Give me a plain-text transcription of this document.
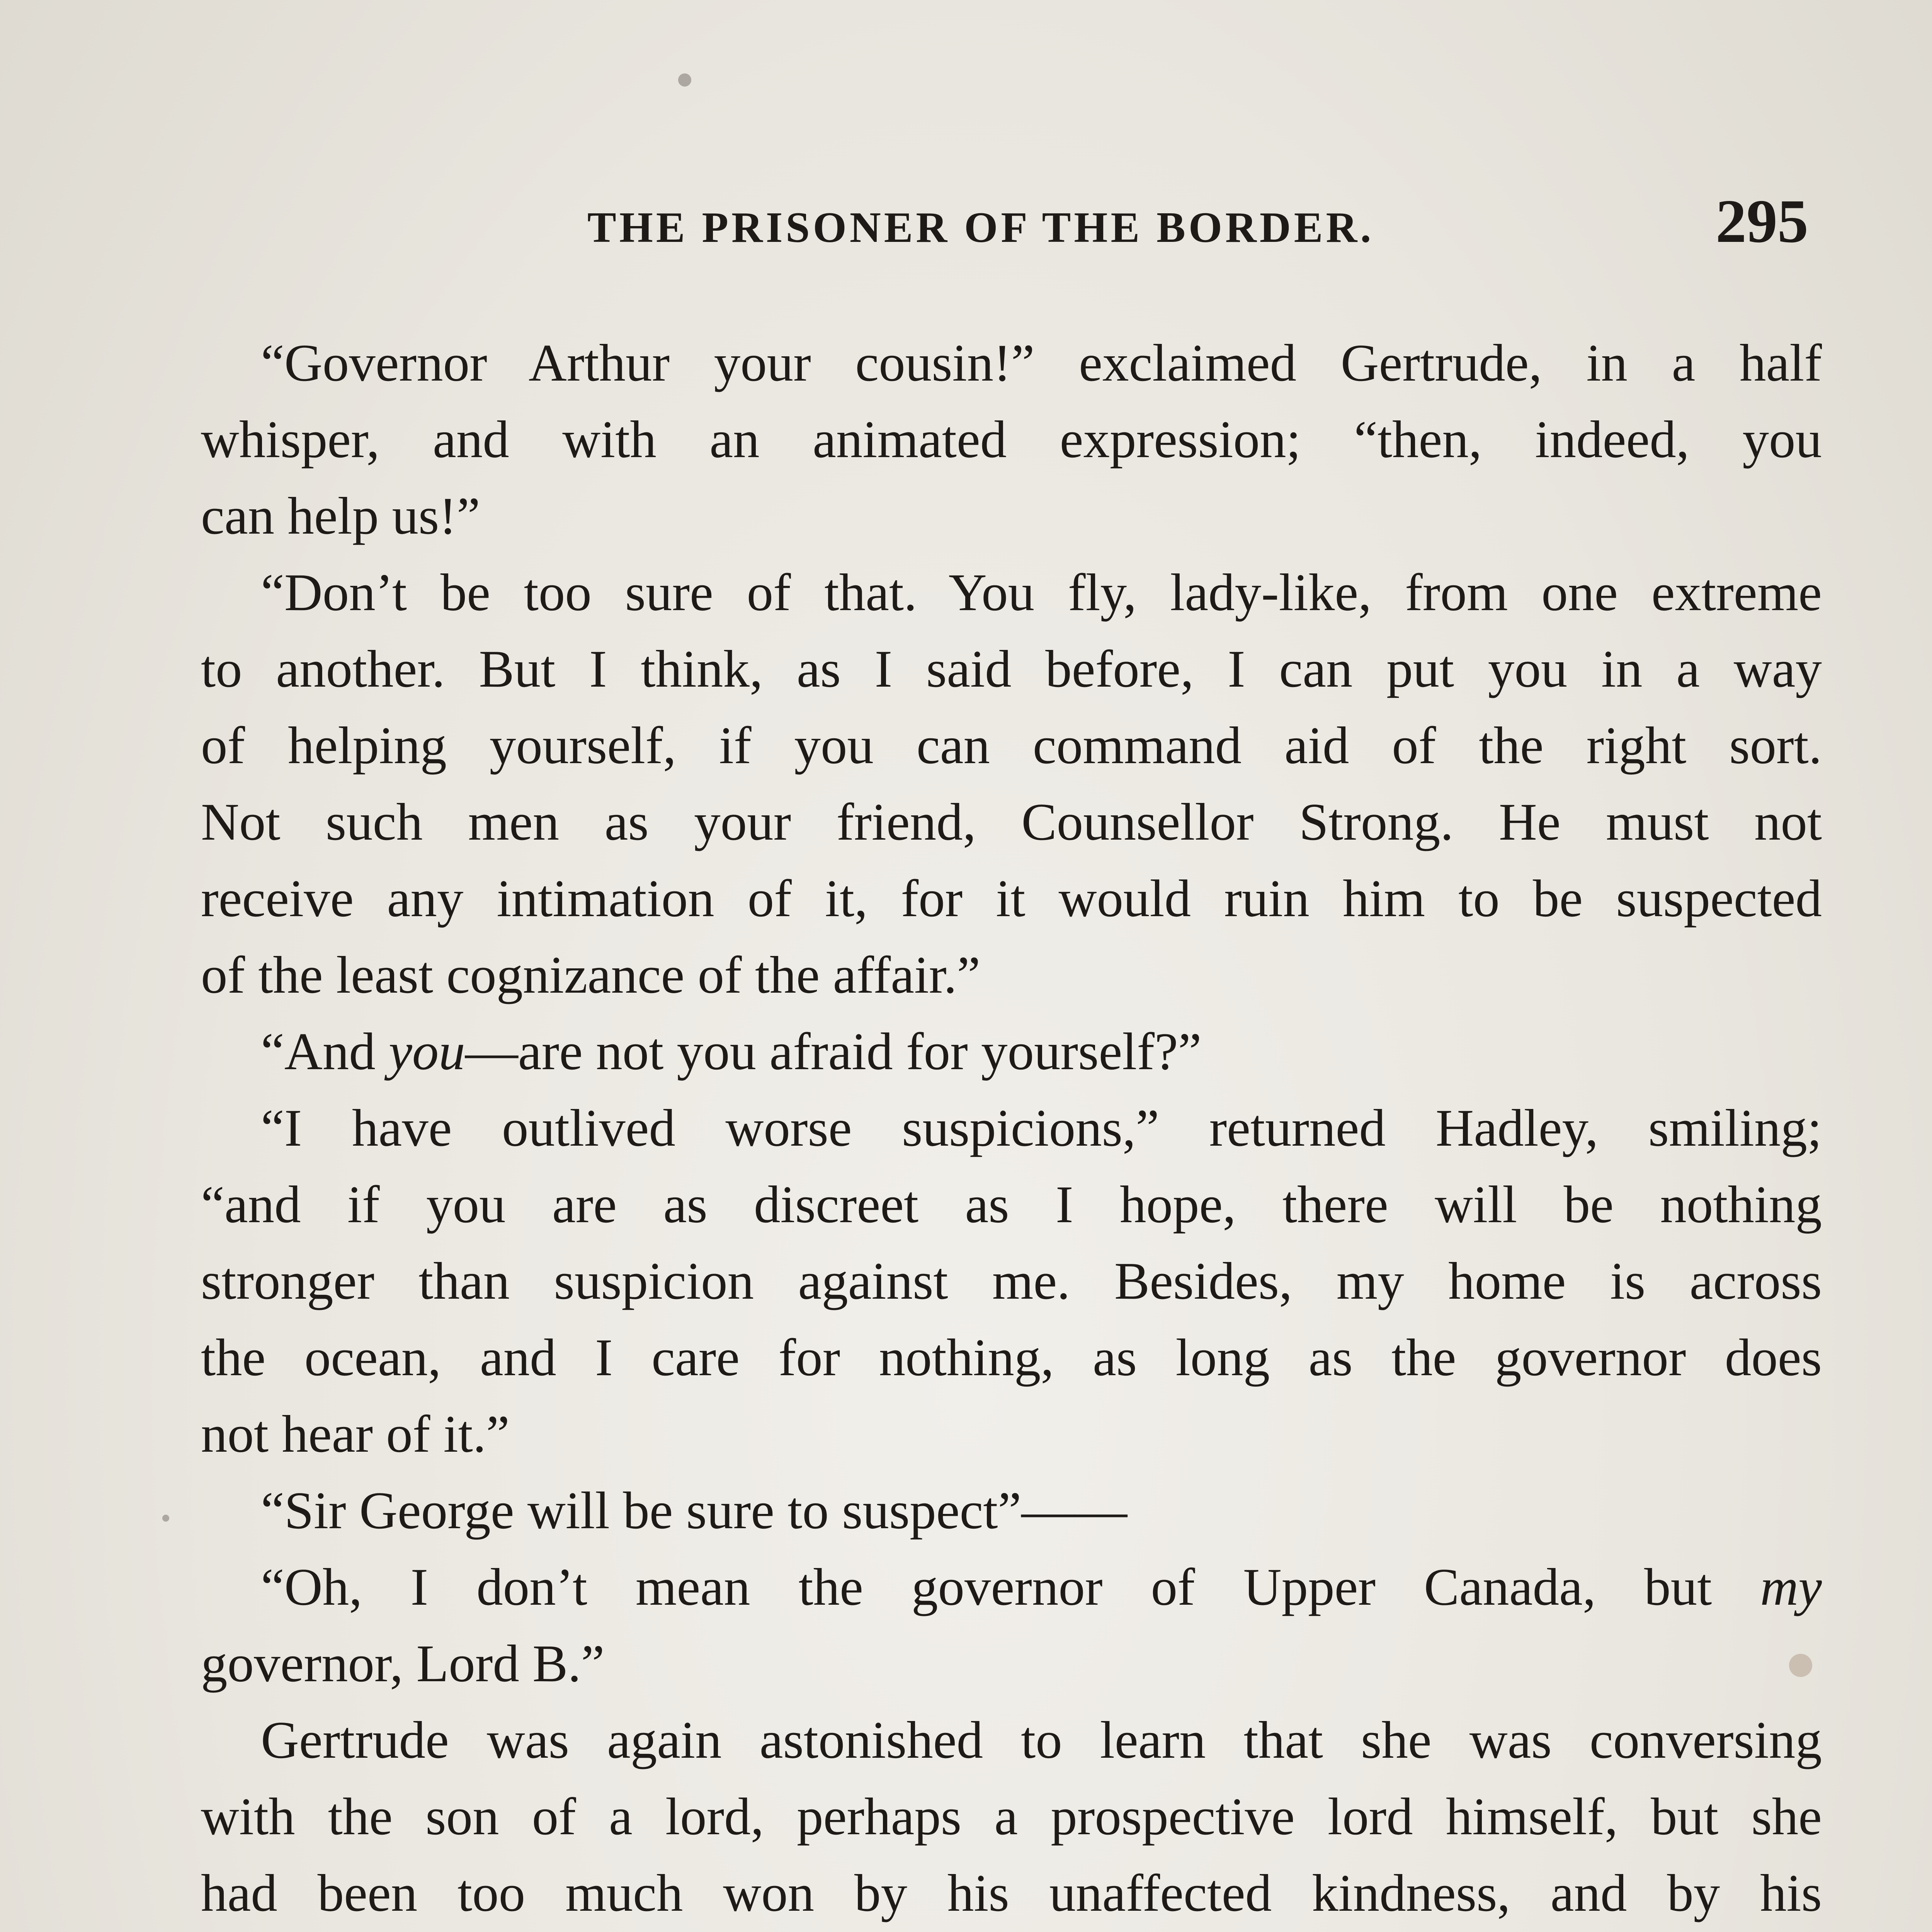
THE PRISONER OF THE BORDER.	295
“Governor Arthur your cousin!” exclaimed Gertrude, in a half
whisper, and with an animated expression; “then, indeed, you
can help us!”
“Don’t be too sure of that. You fly, lady-like, from one extreme
to another. But I think, as I said before, I can put you in a way
of helping yourself, if you can command aid of the right sort.
Not such men as your friend, Counsellor Strong. He must not
receive any intimation of it, for it would ruin him to be suspected
of the least cognizance of the affair.”
“And you—are not you afraid for yourself?”
“I have outlived worse suspicions,” returned Hadley, smiling;
“and if you are as discreet as I hope, there will be nothing
stronger than suspicion against me. Besides, my home is across
the ocean, and I care for nothing, as long as the governor does
not hear of it.”
“Sir George will be sure to suspect”——
“Oh, I don’t mean the governor of Upper Canada, but my
governor, Lord B.”
Gertrude was again astonished to learn that she was conversing
with the son of a lord, perhaps a prospective lord himself, but she
had been too much won by his unaffected kindness, and by his
